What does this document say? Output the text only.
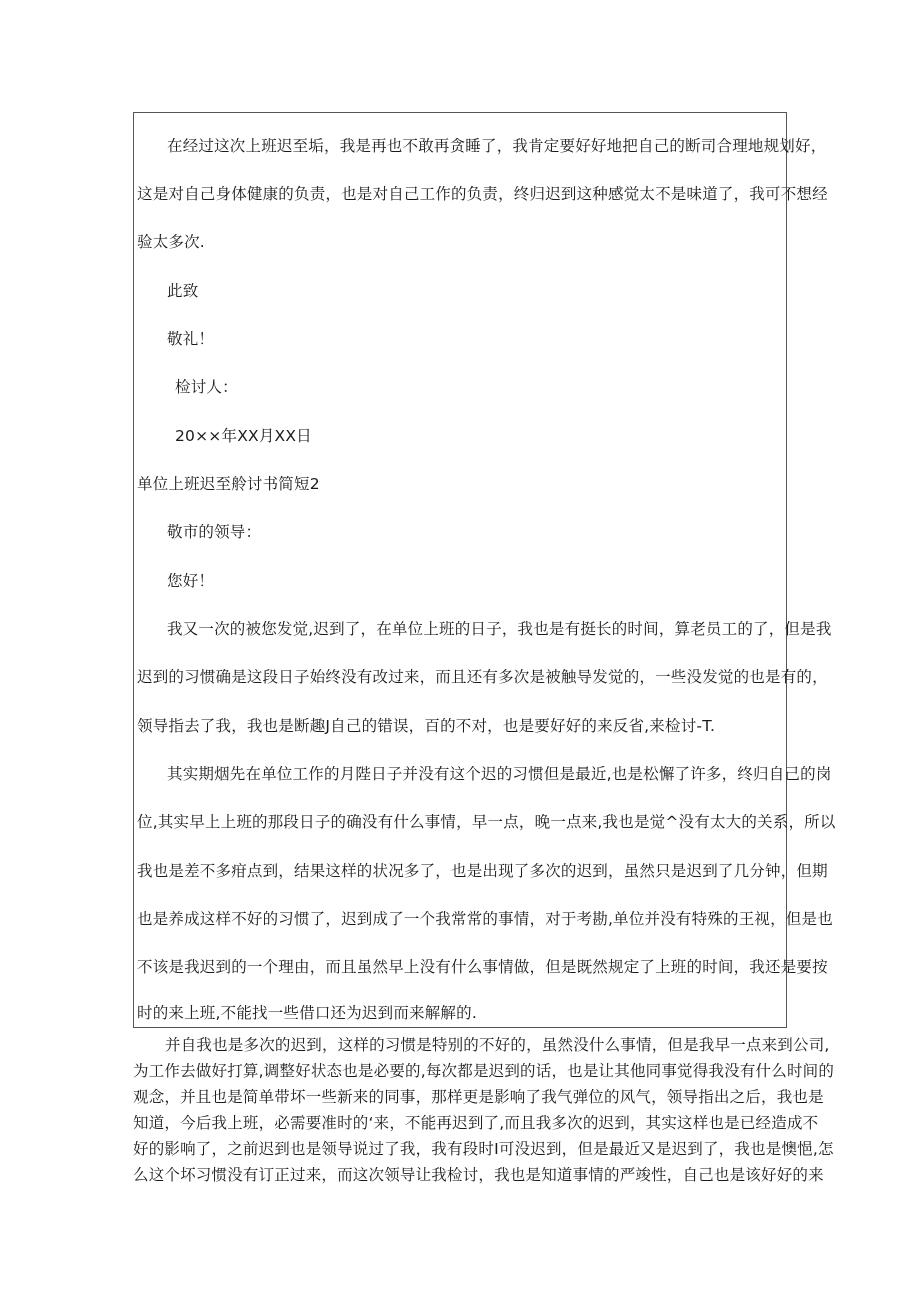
在经过这次上班迟至垢，我是再也不敢再贪睡了，我肯定要好好地把自己的断司合理地规划好，
这是对自己身体健康的负责，也是对自己工作的负责，终归迟到这种感觉太不是味道了，我可不想经
验太多次.
此致
敬礼！
检讨人：
20××年XX月XX日
单位上班迟至舲讨书简短2
敬市的领导：
您好！
我又一次的被您发觉,迟到了，在单位上班的日子，我也是有挺长的时间，算老员工的了，但是我
迟到的习惯确是这段日子始终没有改过来，而且还有多次是被触导发觉的，一些没发觉的也是有的，
领导指去了我，我也是断趣J自己的错误，百的不对，也是要好好的来反省,来检讨-T.
其实期烟先在单位工作的月陛日子并没有这个迟的习惯但是最近,也是松懈了许多，终归自己的岗
位,其实早上上班的那段日子的确没有什么事情，早一点，晚一点来,我也是觉^没有太大的关系，所以
我也是差不多疳点到，结果这样的状况多了，也是出现了多次的迟到，虽然只是迟到了几分钟，但期
也是养成这样不好的习惯了，迟到成了一个我常常的事情，对于考勘,单位并没有特殊的王视，但是也
不该是我迟到的一个理由，而且虽然早上没有什么事情做，但是既然规定了上班的时间，我还是要按
时的来上班,不能找一些借口还为迟到而来解解的.
并自我也是多次的迟到，这样的习惯是特别的不好的，虽然没什么事情，但是我早一点来到公司,
为工作去做好打算,调整好状态也是必要的,每次都是迟到的话，也是让其他同事觉得我没有什么时间的
观念，并且也是简单带坏一些新来的同事，那样更是影响了我气弹位的风气，领导指出之后，我也是
知道，今后我上班，必需要准时的‘来，不能再迟到了,而且我多次的迟到，其实这样也是已经造成不
好的影响了，之前迟到也是领导说过了我，我有段时I可没迟到，但是最近又是迟到了，我也是懊悒,怎
么这个坏习惯没有订正过来，而这次领导让我检讨，我也是知道事情的严竣性，自己也是该好好的来
